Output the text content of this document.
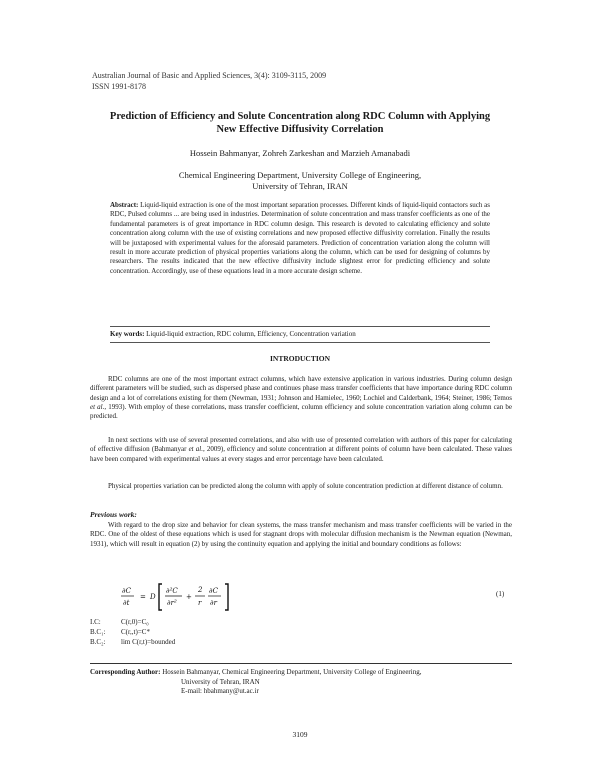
Australian Journal of Basic and Applied Sciences, 3(4): 3109-3115, 2009
ISSN 1991-8178
Prediction of Efficiency and Solute Concentration along RDC Column with Applying
New Effective Diffusivity Correlation
Hossein Bahmanyar, Zohreh Zarkeshan and Marzieh Amanabadi
Chemical Engineering Department, University College of Engineering,
University of Tehran, IRAN

Abstract: Liquid-liquid extraction is one of the most important separation processes. Different kinds of liquid-liquid contactors such as RDC, Pulsed columns ... are being used in industries. Determination of solute concentration and mass transfer coefficients as one of the fundamental parameters is of great importance in RDC column design. This research is devoted to calculating efficiency and solute concentration along column with the use of existing correlations and new proposed effective diffusivity correlation. Finally the results will be juxtaposed with experimental values for the aforesaid parameters. Prediction of concentration variation along the column will result in more accurate prediction of physical properties variations along the column, which can be used for designing of columns by researchers. The results indicated that the new effective diffusivity include slightest error for predicting efficiency and solute concentration. Accordingly, use of these equations lead in a more accurate design scheme.

Key words: Liquid-liquid extraction, RDC column, Efficiency, Concentration variation
INTRODUCTION

RDC columns are one of the most important extract columns, which have extensive application in various industries. During column design different parameters will be studied, such as dispersed phase and continues phase mass transfer coefficients that have importance during RDC column design and a lot of correlations existing for them (Newman, 1931; Johnson and Hamielec, 1960; Lochiel and Calderbank, 1964; Steiner, 1986; Temos et al., 1993). With employ of these correlations, mass transfer coefficient, column efficiency and solute concentration variation along column can be predicted.

In next sections with use of several presented correlations, and also with use of presented correlation with authors of this paper for calculating of effective diffusion (Bahmanyar et al., 2009), efficiency and solute concentration at different points of column have been calculated. These values have been compared with experimental values at every stages and error percentage have been calculated.

Physical properties variation can be predicted along the column with apply of solute concentration prediction at different distance of column.

Previous work:

With regard to the drop size and behavior for clean systems, the mass transfer mechanism and mass transfer coefficients will be varied in the RDC. One of the oldest of these equations which is used for stagnant drops with molecular diffusion mechanism is the Newman equation (Newman, 1931), which will result in equation (2) by using the continuity equation and applying the initial and boundary conditions as follows:

∂C
∂t
= D
∂²C
∂r²
+
2
r
∂C
∂r
(1)
I.C:	C(r,0)=C₀
B.C₁: C(r,,t)=C*
B.C₂: lim C(r,t)=bounded
Corresponding Author: Hossein Bahmanyar, Chemical Engineering Department, University College of Engineering,
University of Tehran, IRAN
E-mail: hbahmany@ut.ac.ir
3109
